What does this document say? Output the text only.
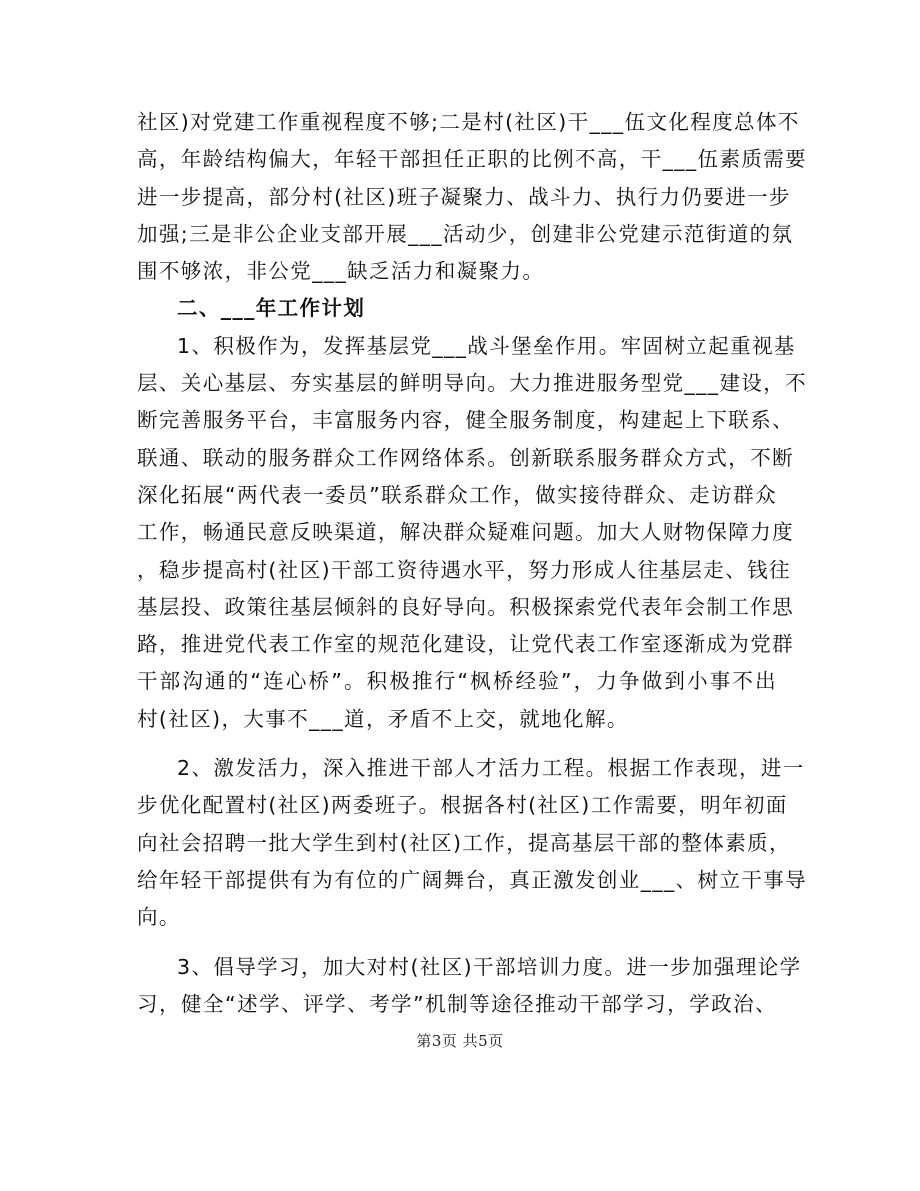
社区)对党建工作重视程度不够;二是村(社区)干___伍文化程度总体不
高，年龄结构偏大，年轻干部担任正职的比例不高，干___伍素质需要
进一步提高，部分村(社区)班子凝聚力、战斗力、执行力仍要进一步
加强;三是非公企业支部开展___活动少，创建非公党建示范街道的氛
围不够浓，非公党___缺乏活力和凝聚力。
二、___年工作计划
1、积极作为，发挥基层党___战斗堡垒作用。牢固树立起重视基
层、关心基层、夯实基层的鲜明导向。大力推进服务型党___建设，不
断完善服务平台，丰富服务内容，健全服务制度，构建起上下联系、
联通、联动的服务群众工作网络体系。创新联系服务群众方式，不断
深化拓展“两代表一委员”联系群众工作，做实接待群众、走访群众
工作，畅通民意反映渠道，解决群众疑难问题。加大人财物保障力度
，稳步提高村(社区)干部工资待遇水平，努力形成人往基层走、钱往
基层投、政策往基层倾斜的良好导向。积极探索党代表年会制工作思
路，推进党代表工作室的规范化建设，让党代表工作室逐渐成为党群
干部沟通的“连心桥”。积极推行“枫桥经验”，力争做到小事不出
村(社区)，大事不___道，矛盾不上交，就地化解。
2、激发活力，深入推进干部人才活力工程。根据工作表现，进一
步优化配置村(社区)两委班子。根据各村(社区)工作需要，明年初面
向社会招聘一批大学生到村(社区)工作，提高基层干部的整体素质，
给年轻干部提供有为有位的广阔舞台，真正激发创业___、树立干事导
向。
3、倡导学习，加大对村(社区)干部培训力度。进一步加强理论学
习，健全“述学、评学、考学”机制等途径推动干部学习，学政治、
第3页 共5页
